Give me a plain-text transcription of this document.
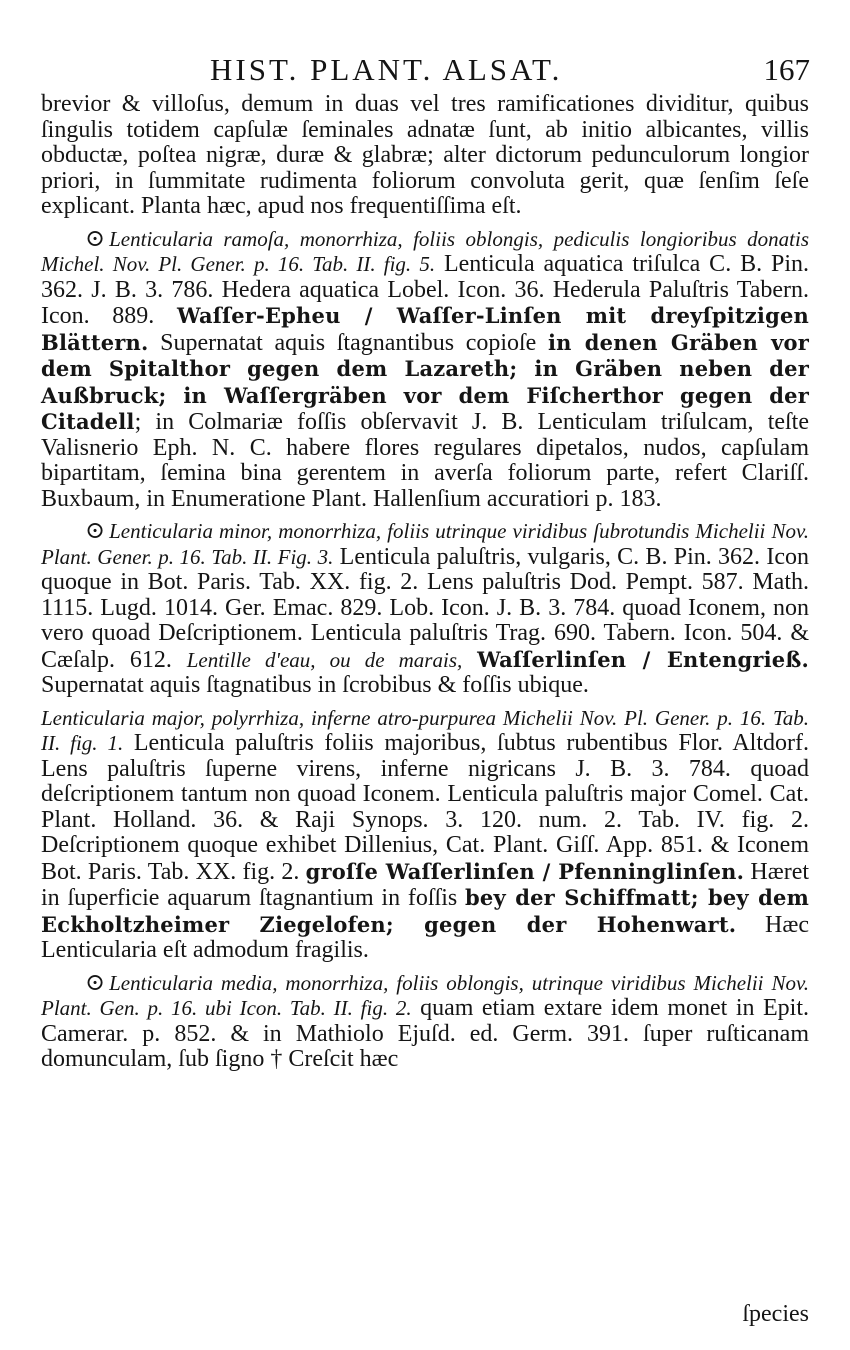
HIST. PLANT. ALSAT.	167

brevior & villoſus, demum in duas vel tres ramificationes dividitur, quibus ſingulis totidem capſulæ ſeminales adnatæ ſunt, ab initio albicantes, villis obductæ, poſtea nigræ, duræ & glabræ; alter dictorum pedunculorum longior priori, in ſummitate rudimenta foliorum convoluta gerit, quæ ſenſim ſeſe explicant. Planta hæc, apud nos frequentiſſima eſt.

⊙ Lenticularia ramoſa, monorrhiza, foliis oblongis, pediculis longioribus donatis Michel. Nov. Pl. Gener. p. 16. Tab. II. fig. 5. Lenticula aquatica triſulca C. B. Pin. 362. J. B. 3. 786. Hedera aquatica Lobel. Icon. 36. Hederula Paluſtris Tabern. Icon. 889. Waſſer-Epheu / Waſſer-Linſen mit dreyſpitzigen Blättern. Supernatat aquis ſtagnantibus copioſe in denen Gräben vor dem Spitalthor gegen dem Lazareth; in Gräben neben der Außbruck; in Waſſergräben vor dem Fiſcherthor gegen der Citadell; in Colmariæ foſſis obſervavit J. B. Lenticulam triſulcam, teſte Valisnerio Eph. N. C. habere flores regulares dipetalos, nudos, capſulam bipartitam, ſemina bina gerentem in averſa foliorum parte, refert Clariſſ. Buxbaum, in Enumeratione Plant. Hallenſium accuratiori p. 183.

⊙ Lenticularia minor, monorrhiza, foliis utrinque viridibus ſubrotundis Michelii Nov. Plant. Gener. p. 16. Tab. II. Fig. 3. Lenticula paluſtris, vulgaris, C. B. Pin. 362. Icon quoque in Bot. Paris. Tab. XX. fig. 2. Lens paluſtris Dod. Pempt. 587. Math. 1115. Lugd. 1014. Ger. Emac. 829. Lob. Icon. J. B. 3. 784. quoad Iconem, non vero quoad Deſcriptionem. Lenticula paluſtris Trag. 690. Tabern. Icon. 504. & Cæſalp. 612. Lentille d'eau, ou de marais, Waſſerlinſen / Entengrieß. Supernatat aquis ſtagnatibus in ſcrobibus & foſſis ubique.

Lenticularia major, polyrrhiza, inferne atro-purpurea Michelii Nov. Pl. Gener. p. 16. Tab. II. fig. 1. Lenticula paluſtris foliis majoribus, ſubtus rubentibus Flor. Altdorf. Lens paluſtris ſuperne virens, inferne nigricans J. B. 3. 784. quoad deſcriptionem tantum non quoad Iconem. Lenticula paluſtris major Comel. Cat. Plant. Holland. 36. & Raji Synops. 3. 120. num. 2. Tab. IV. fig. 2. Deſcriptionem quoque exhibet Dillenius, Cat. Plant. Giſſ. App. 851. & Iconem Bot. Paris. Tab. XX. fig. 2. groſſe Waſſerlinſen / Pfenninglinſen. Hæret in ſuperficie aquarum ſtagnantium in foſſis bey der Schiffmatt; bey dem Eckholtzheimer Ziegelofen; gegen der Hohenwart. Hæc Lenticularia eſt admodum fragilis.

⊙ Lenticularia media, monorrhiza, foliis oblongis, utrinque viridibus Michelii Nov. Plant. Gen. p. 16. ubi Icon. Tab. II. fig. 2. quam etiam extare idem monet in Epit. Camerar. p. 852. & in Mathiolo Ejuſd. ed. Germ. 391. ſuper ruſticanam domunculam, ſub ſigno † Creſcit hæc

ſpecies
